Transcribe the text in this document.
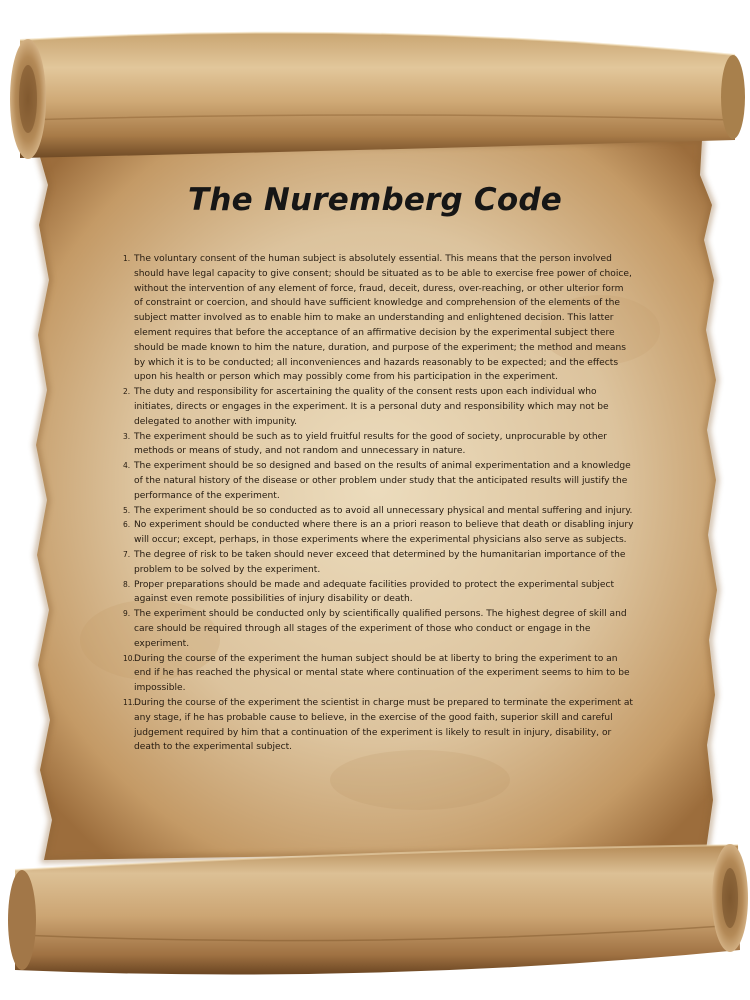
The Nuremberg Code
1. The voluntary consent of the human subject is absolutely essential. This means that the person involved should have legal capacity to give consent; should be situated as to be able to exercise free power of choice, without the intervention of any element of force, fraud, deceit, duress, over-reaching, or other ulterior form of constraint or coercion, and should have sufficient knowledge and comprehension of the elements of the subject matter involved as to enable him to make an understanding and enlightened decision. This latter element requires that before the acceptance of an affirmative decision by the experimental subject there should be made known to him the nature, duration, and purpose of the experiment; the method and means by which it is to be conducted; all inconveniences and hazards reasonably to be expected; and the effects upon his health or person which may possibly come from his participation in the experiment.
2. The duty and responsibility for ascertaining the quality of the consent rests upon each individual who initiates, directs or engages in the experiment. It is a personal duty and responsibility which may not be delegated to another with impunity.
3. The experiment should be such as to yield fruitful results for the good of society, unprocurable by other methods or means of study, and not random and unnecessary in nature.
4. The experiment should be so designed and based on the results of animal experimentation and a knowledge of the natural history of the disease or other problem under study that the anticipated results will justify the performance of the experiment.
5. The experiment should be so conducted as to avoid all unnecessary physical and mental suffering and injury.
6. No experiment should be conducted where there is an a priori reason to believe that death or disabling injury will occur; except, perhaps, in those experiments where the experimental physicians also serve as subjects.
7. The degree of risk to be taken should never exceed that determined by the humanitarian importance of the problem to be solved by the experiment.
8. Proper preparations should be made and adequate facilities provided to protect the experimental subject against even remote possibilities of injury disability or death.
9. The experiment should be conducted only by scientifically qualified persons. The highest degree of skill and care should be required through all stages of the experiment of those who conduct or engage in the experiment.
10. During the course of the experiment the human subject should be at liberty to bring the experiment to an end if he has reached the physical or mental state where continuation of the experiment seems to him to be impossible.
11. During the course of the experiment the scientist in charge must be prepared to terminate the experiment at any stage, if he has probable cause to believe, in the exercise of the good faith, superior skill and careful judgement required by him that a continuation of the experiment is likely to result in injury, disability, or death to the experimental subject.
